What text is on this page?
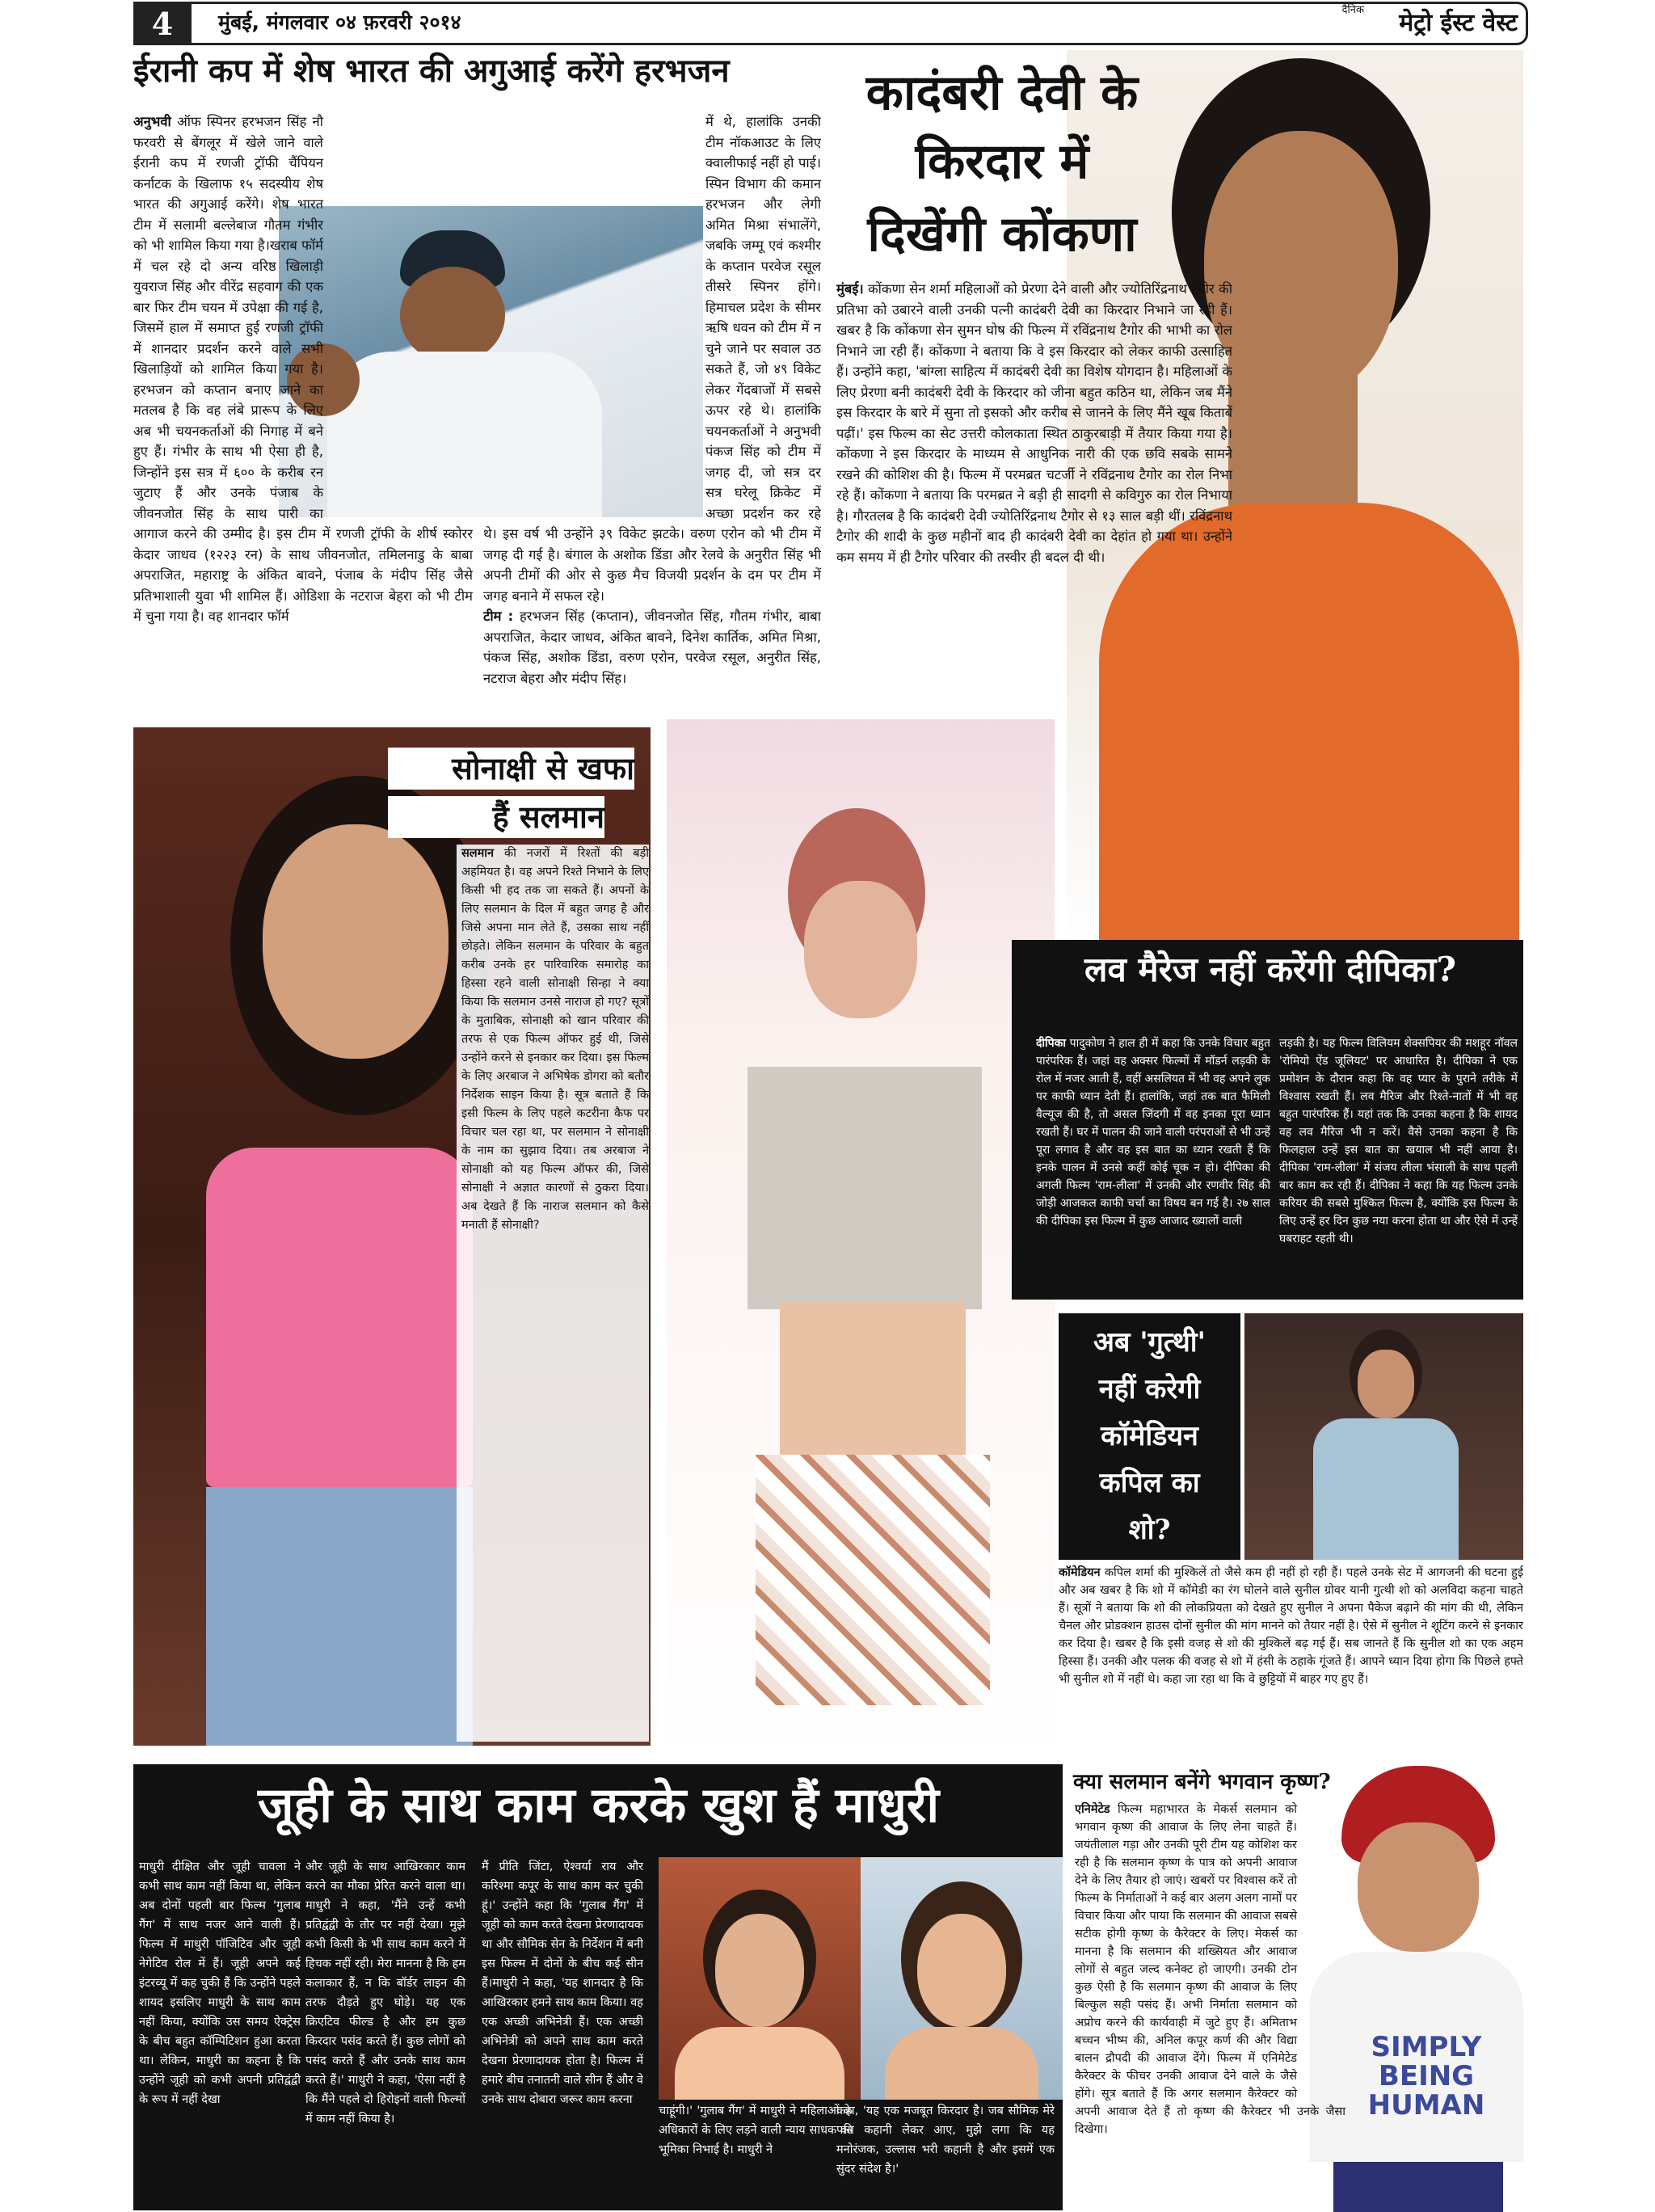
4	मुंबई, मंगलवार ०४ फ़रवरी २०१४
दैनिक मेट्रो ईस्ट वेस्ट
ईरानी कप में शेष भारत की अगुआई करेंगे हरभजन
अनुभवी ऑफ स्पिनर हरभजन सिंह नौ फरवरी से बेंगलूर में खेले जाने वाले ईरानी कप में रणजी ट्रॉफी चैंपियन कर्नाटक के खिलाफ १५ सदस्यीय शेष भारत की अगुआई करेंगे। शेष भारत टीम में सलामी बल्लेबाज गौतम गंभीर को भी शामिल किया गया है।खराब फॉर्म में चल रहे दो अन्य वरिष्ठ खिलाड़ी युवराज सिंह और वीरेंद्र सहवाग की एक बार फिर टीम चयन में उपेक्षा की गई है, जिसमें हाल में समाप्त हुई रणजी ट्रॉफी में शानदार प्रदर्शन करने वाले सभी खिलाड़ियों को शामिल किया गया है। हरभजन को कप्तान बनाए जाने का मतलब है कि वह लंबे प्रारूप के लिए अब भी चयनकर्ताओं की निगाह में बने हुए हैं। गंभीर के साथ भी ऐसा ही है, जिन्होंने इस सत्र में ६०० के करीब रन जुटाए हैं और उनके पंजाब के जीवनजोत सिंह के साथ पारी का आगाज करने की उम्मीद है। इस टीम में रणजी ट्रॉफी के शीर्ष स्कोरर केदार जाधव (१२२३ रन) के साथ जीवनजोत, तमिलनाडु के बाबा अपराजित, महाराष्ट्र के अंकित बावने, पंजाब के मंदीप सिंह जैसे प्रतिभाशाली युवा भी शामिल हैं। ओडिशा के नटराज बेहरा को भी टीम में चुना गया है। वह शानदार फॉर्म
में थे, हालांकि उनकी टीम नॉकआउट के लिए क्वालीफाई नहीं हो पाई। स्पिन विभाग की कमान हरभजन और लेगी अमित मिश्रा संभालेंगे, जबकि जम्मू एवं कश्मीर के कप्तान परवेज रसूल तीसरे स्पिनर होंगे। हिमाचल प्रदेश के सीमर ऋषि धवन को टीम में न चुने जाने पर सवाल उठ सकते हैं, जो ४९ विकेट लेकर गेंदबाजों में सबसे ऊपर रहे थे। हालांकि चयनकर्ताओं ने अनुभवी पंकज सिंह को टीम में जगह दी, जो सत्र दर सत्र घरेलू क्रिकेट में अच्छा प्रदर्शन कर रहे थे। इस वर्ष भी उन्होंने ३९ विकेट झटके। वरुण एरोन को भी टीम में जगह दी गई है। बंगाल के अशोक डिंडा और रेलवे के अनुरीत सिंह भी अपनी टीमों की ओर से कुछ मैच विजयी प्रदर्शन के दम पर टीम में जगह बनाने में सफल रहे।
टीम : हरभजन सिंह (कप्तान), जीवनजोत सिंह, गौतम गंभीर, बाबा अपराजित, केदार जाधव, अंकित बावने, दिनेश कार्तिक, अमित मिश्रा, पंकज सिंह, अशोक डिंडा, वरुण एरोन, परवेज रसूल, अनुरीत सिंह, नटराज बेहरा और मंदीप सिंह।
कादंबरी देवी के
किरदार में
दिखेंगी कोंकणा
मुंबई। कोंकणा सेन शर्मा महिलाओं को प्रेरणा देने वाली और ज्योतिरिंद्रनाथ टैगोर की प्रतिभा को उबारने वाली उनकी पत्नी कादंबरी देवी का किरदार निभाने जा रही हैं। खबर है कि कोंकणा सेन सुमन घोष की फिल्म में रविंद्रनाथ टैगोर की भाभी का रोल निभाने जा रही हैं। कोंकणा ने बताया कि वे इस किरदार को लेकर काफी उत्साहित हैं। उन्होंने कहा, 'बांग्ला साहित्य में कादंबरी देवी का विशेष योगदान है। महिलाओं के लिए प्रेरणा बनी कादंबरी देवी के किरदार को जीना बहुत कठिन था, लेकिन जब मैंने इस किरदार के बारे में सुना तो इसको और करीब से जानने के लिए मैंने खूब किताबें पढ़ीं।' इस फिल्म का सेट उत्तरी कोलकाता स्थित ठाकुरबाड़ी में तैयार किया गया है। कोंकणा ने इस किरदार के माध्यम से आधुनिक नारी की एक छवि सबके सामने रखने की कोशिश की है। फिल्म में परमब्रत चटर्जी ने रविंद्रनाथ टैगोर का रोल निभा रहे हैं। कोंकणा ने बताया कि परमब्रत ने बड़ी ही सादगी से कविगुरु का रोल निभाया है। गौरतलब है कि कादंबरी देवी ज्योतिरिंद्रनाथ टैगोर से १३ साल बड़ी थीं। रविंद्रनाथ टैगोर की शादी के कुछ महीनों बाद ही कादंबरी देवी का देहांत हो गया था। उन्होंने कम समय में ही टैगोर परिवार की तस्वीर ही बदल दी थी।
सोनाक्षी से खफा
हैं सलमान
सलमान की नजरों में रिश्तों की बड़ी अहमियत है। वह अपने रिश्ते निभाने के लिए किसी भी हद तक जा सकते हैं। अपनों के लिए सलमान के दिल में बहुत जगह है और जिसे अपना मान लेते हैं, उसका साथ नहीं छोड़ते। लेकिन सलमान के परिवार के बहुत करीब उनके हर पारिवारिक समारोह का हिस्सा रहने वाली सोनाक्षी सिन्हा ने क्या किया कि सलमान उनसे नाराज हो गए? सूत्रों के मुताबिक, सोनाक्षी को खान परिवार की तरफ से एक फिल्म ऑफर हुई थी, जिसे उन्होंने करने से इनकार कर दिया। इस फिल्म के लिए अरबाज ने अभिषेक डोगरा को बतौर निर्देशक साइन किया है। सूत्र बताते हैं कि इसी फिल्म के लिए पहले कटरीना कैफ पर विचार चल रहा था, पर सलमान ने सोनाक्षी के नाम का सुझाव दिया। तब अरबाज ने सोनाक्षी को यह फिल्म ऑफर की, जिसे सोनाक्षी ने अज्ञात कारणों से ठुकरा दिया। अब देखते हैं कि नाराज सलमान को कैसे मनाती हैं सोनाक्षी?
लव मैरेज नहीं करेंगी दीपिका?
दीपिका पादुकोण ने हाल ही में कहा कि उनके विचार बहुत पारंपरिक हैं। जहां वह अक्सर फिल्मों में मॉडर्न लड़की के रोल में नजर आती हैं, वहीं असलियत में भी वह अपने लुक पर काफी ध्यान देती हैं। हालांकि, जहां तक बात फैमिली वैल्यूज की है, तो असल जिंदगी में वह इनका पूरा ध्यान रखती हैं। घर में पालन की जाने वाली परंपराओं से भी उन्हें पूरा लगाव है और वह इस बात का ध्यान रखती हैं कि इनके पालन में उनसे कहीं कोई चूक न हो। दीपिका की अगली फिल्म 'राम-लीला' में उनकी और रणवीर सिंह की जोड़ी आजकल काफी चर्चा का विषय बन गई है। २७ साल की दीपिका इस फिल्म में कुछ आजाद ख्यालों वाली
लड़की है। यह फिल्म विलियम शेक्सपियर की मशहूर नॉवल 'रोमियो ऐंड जूलियट' पर आधारित है। दीपिका ने एक प्रमोशन के दौरान कहा कि वह प्यार के पुराने तरीके में विश्वास रखती हैं। लव मैरिज और रिश्ते-नातों में भी वह बहुत पारंपरिक हैं। यहां तक कि उनका कहना है कि शायद वह लव मैरिज भी न करें। वैसे उनका कहना है कि फिलहाल उन्हें इस बात का खयाल भी नहीं आया है। दीपिका 'राम-लीला' में संजय लीला भंसाली के साथ पहली बार काम कर रही हैं। दीपिका ने कहा कि यह फिल्म उनके करियर की सबसे मुश्किल फिल्म है, क्योंकि इस फिल्म के लिए उन्हें हर दिन कुछ नया करना होता था और ऐसे में उन्हें घबराहट रहती थी।
अब 'गुत्थी'
नहीं करेगी
कॉमेडियन
कपिल का
शो?
कॉमेडियन कपिल शर्मा की मुश्किलें तो जैसे कम ही नहीं हो रही हैं। पहले उनके सेट में आगजनी की घटना हुई और अब खबर है कि शो में कॉमेडी का रंग घोलने वाले सुनील ग्रोवर यानी गुत्थी शो को अलविदा कहना चाहते हैं। सूत्रों ने बताया कि शो की लोकप्रियता को देखते हुए सुनील ने अपना पैकेज बढ़ाने की मांग की थी, लेकिन चैनल और प्रोडक्शन हाउस दोनों सुनील की मांग मानने को तैयार नहीं है। ऐसे में सुनील ने शूटिंग करने से इनकार कर दिया है। खबर है कि इसी वजह से शो की मुश्किलें बढ़ गई हैं। सब जानते हैं कि सुनील शो का एक अहम हिस्सा हैं। उनकी और पलक की वजह से शो में हंसी के ठहाके गूंजते हैं। आपने ध्यान दिया होगा कि पिछले हफ्ते भी सुनील शो में नहीं थे। कहा जा रहा था कि वे छुट्टियों में बाहर गए हुए हैं।
जूही के साथ काम करके खुश हैं माधुरी
माधुरी दीक्षित और जूही चावला ने कभी साथ काम नहीं किया था, लेकिन अब दोनों पहली बार फिल्म 'गुलाब गैंग' में साथ नजर आने वाली हैं। फिल्म में माधुरी पॉजिटिव और जूही नेगेटिव रोल में हैं। जूही अपने कई इंटरव्यू में कह चुकी हैं कि उन्होंने पहले शायद इसलिए माधुरी के साथ काम नहीं किया, क्योंकि उस समय ऐक्ट्रेस के बीच बहुत कॉम्पिटिशन हुआ करता था। लेकिन, माधुरी का कहना है कि उन्होंने जूही को कभी अपनी प्रतिद्वंद्वी के रूप में नहीं देखा
और जूही के साथ आखिरकार काम करने का मौका प्रेरित करने वाला था। माधुरी ने कहा, 'मैंने उन्हें कभी प्रतिद्वंद्वी के तौर पर नहीं देखा। मुझे कभी किसी के भी साथ काम करने में हिचक नहीं रही। मेरा मानना है कि हम कलाकार हैं, न कि बॉर्डर लाइन की तरफ दौड़ते हुए घोड़े। यह एक क्रिएटिव फील्ड है और हम कुछ किरदार पसंद करते हैं। कुछ लोगों को पसंद करते हैं और उनके साथ काम करते हैं।' माधुरी ने कहा, 'ऐसा नहीं है कि मैंने पहले दो हिरोइनों वाली फिल्मों में काम नहीं किया है।
मैं प्रीति जिंटा, ऐश्वर्या राय और करिश्मा कपूर के साथ काम कर चुकी हूं।' उन्होंने कहा कि 'गुलाब गैंग' में जूही को काम करते देखना प्रेरणादायक था और सौमिक सेन के निर्देशन में बनी इस फिल्म में दोनों के बीच कई सीन हैं।माधुरी ने कहा, 'यह शानदार है कि आखिरकार हमने साथ काम किया। वह एक अच्छी अभिनेत्री हैं। एक अच्छी अभिनेत्री को अपने साथ काम करते देखना प्रेरणादायक होता है। फिल्म में हमारे बीच तनातनी वाले सीन हैं और वे उनके साथ दोबारा जरूर काम करना
चाहूंगी।' 'गुलाब गैंग' में माधुरी ने महिलाओं के अधिकारों के लिए लड़ने वाली न्याय साधक की भूमिका निभाई है। माधुरी ने
कहा, 'यह एक मजबूत किरदार है। जब सौमिक मेरे पास कहानी लेकर आए, मुझे लगा कि यह मनोरंजक, उल्लास भरी कहानी है और इसमें एक सुंदर संदेश है।'
SIMPLY BEING HUMAN
क्या सलमान बनेंगे भगवान कृष्ण?
एनिमेटेड फिल्म महाभारत के मेकर्स सलमान को भगवान कृष्ण की आवाज के लिए लेना चाहते हैं। जयंतीलाल गड़ा और उनकी पूरी टीम यह कोशिश कर रही है कि सलमान कृष्ण के पात्र को अपनी आवाज देने के लिए तैयार हो जाएं। खबरों पर विश्वास करें तो फिल्म के निर्माताओं ने कई बार अलग अलग नामों पर विचार किया और पाया कि सलमान की आवाज सबसे सटीक होगी कृष्ण के कैरेक्टर के लिए। मेकर्स का मानना है कि सलमान की शख्सियत और आवाज लोगों से बहुत जल्द कनेक्ट हो जाएगी। उनकी टोन कुछ ऐसी है कि सलमान कृष्ण की आवाज के लिए बिल्कुल सही पसंद हैं। अभी निर्माता सलमान को अप्रोच करने की कार्यवाही में जुटे हुए हैं। अमिताभ बच्चन भीष्म की, अनिल कपूर कर्ण की और विद्या बालन द्रौपदी की आवाज देंगे। फिल्म में एनिमेटेड कैरेक्टर के फीचर उनकी आवाज देने वाले के जैसे होंगे। सूत्र बताते हैं कि अगर सलमान कैरेक्टर को अपनी आवाज देते हैं तो कृष्ण की कैरेक्टर भी उनके जैसा दिखेगा।
